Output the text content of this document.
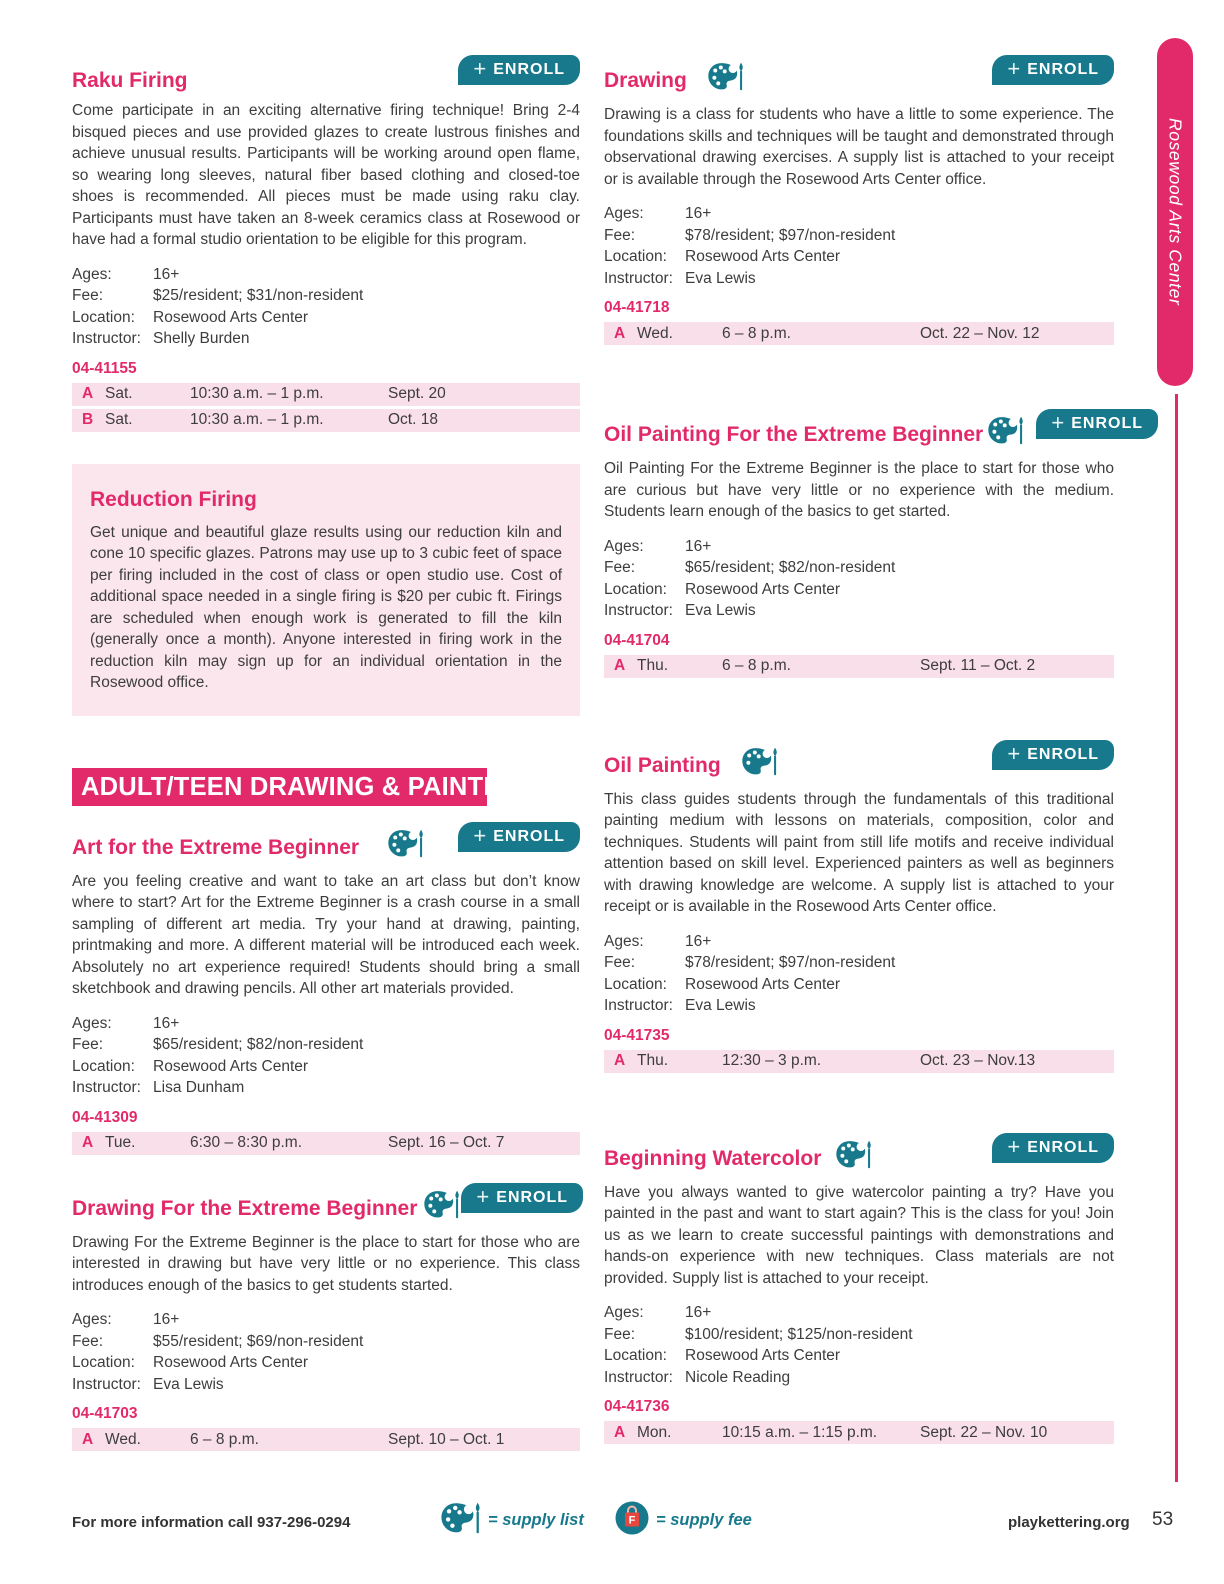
Raku Firing	+ ENROLL

Come participate in an exciting alternative firing technique! Bring 2-4 bisqued pieces and use provided glazes to create lustrous finishes and achieve unusual results. Participants will be working around open flame, so wearing long sleeves, natural fiber based clothing and closed-toe shoes is recommended. All pieces must be made using raku clay. Participants must have taken an 8-week ceramics class at Rosewood or have had a formal studio orientation to be eligible for this program.

Ages:	16+
Fee:	$25/resident; $31/non-resident
Location:	Rosewood Arts Center
Instructor: Shelly Burden
04-41155
A Sat.	10:30 a.m. – 1 p.m.	Sept. 20
B Sat.	10:30 a.m. – 1 p.m.	Oct. 18
Reduction Firing

Get unique and beautiful glaze results using our reduction kiln and cone 10 specific glazes. Patrons may use up to 3 cubic feet of space per firing included in the cost of class or open studio use. Cost of additional space needed in a single firing is $20 per cubic ft. Firings are scheduled when enough work is generated to fill the kiln (generally once a month). Anyone interested in firing work in the reduction kiln may sign up for an individual orientation in the Rosewood office.

ADULT/TEEN DRAWING & PAINTING
Art for the Extreme Beginner	+ ENROLL

Are you feeling creative and want to take an art class but don’t know where to start? Art for the Extreme Beginner is a crash course in a small sampling of different art media. Try your hand at drawing, painting, printmaking and more. A different material will be introduced each week. Absolutely no art experience required! Students should bring a small sketchbook and drawing pencils. All other art materials provided.

Ages:	16+
Fee:	$65/resident; $82/non-resident
Location:	Rosewood Arts Center
Instructor: Lisa Dunham
04-41309
A Tue.	6:30 – 8:30 p.m.	Sept. 16 – Oct. 7
Drawing For the Extreme Beginner	+ ENROLL

Drawing For the Extreme Beginner is the place to start for those who are interested in drawing but have very little or no experience. This class introduces enough of the basics to get students started.

Ages:	16+
Fee:	$55/resident; $69/non-resident
Location:	Rosewood Arts Center
Instructor: Eva Lewis
04-41703
A Wed.	6 – 8 p.m.	Sept. 10 – Oct. 1
Drawing	+ ENROLL

Drawing is a class for students who have a little to some experience. The foundations skills and techniques will be taught and demonstrated through observational drawing exercises. A supply list is attached to your receipt or is available through the Rosewood Arts Center office.

Ages:	16+
Fee:	$78/resident; $97/non-resident
Location:	Rosewood Arts Center
Instructor: Eva Lewis
04-41718
A Wed.	6 – 8 p.m.	Oct. 22 – Nov. 12
Oil Painting For the Extreme Beginner	+ ENROLL

Oil Painting For the Extreme Beginner is the place to start for those who are curious but have very little or no experience with the medium. Students learn enough of the basics to get started.

Ages:	16+
Fee:	$65/resident; $82/non-resident
Location:	Rosewood Arts Center
Instructor: Eva Lewis
04-41704
A Thu.	6 – 8 p.m.	Sept. 11 – Oct. 2
Oil Painting	+ ENROLL

This class guides students through the fundamentals of this traditional painting medium with lessons on materials, composition, color and techniques. Students will paint from still life motifs and receive individual attention based on skill level. Experienced painters as well as beginners with drawing knowledge are welcome. A supply list is attached to your receipt or is available in the Rosewood Arts Center office.

Ages:	16+
Fee:	$78/resident; $97/non-resident
Location:	Rosewood Arts Center
Instructor: Eva Lewis
04-41735
A Thu.	12:30 – 3 p.m.	Oct. 23 – Nov.13
Beginning Watercolor	+ ENROLL

Have you always wanted to give watercolor painting a try? Have you painted in the past and want to start again? This is the class for you! Join us as we learn to create successful paintings with demonstrations and hands-on experience with new techniques. Class materials are not provided. Supply list is attached to your receipt.

Ages:	16+
Fee:	$100/resident; $125/non-resident
Location:	Rosewood Arts Center
Instructor: Nicole Reading
04-41736
A Mon.	10:15 a.m. – 1:15 p.m.	Sept. 22 – Nov. 10
Rosewood Arts Center
For more information call 937-296-0294	= supply list	F = supply fee	playkettering.org 53
